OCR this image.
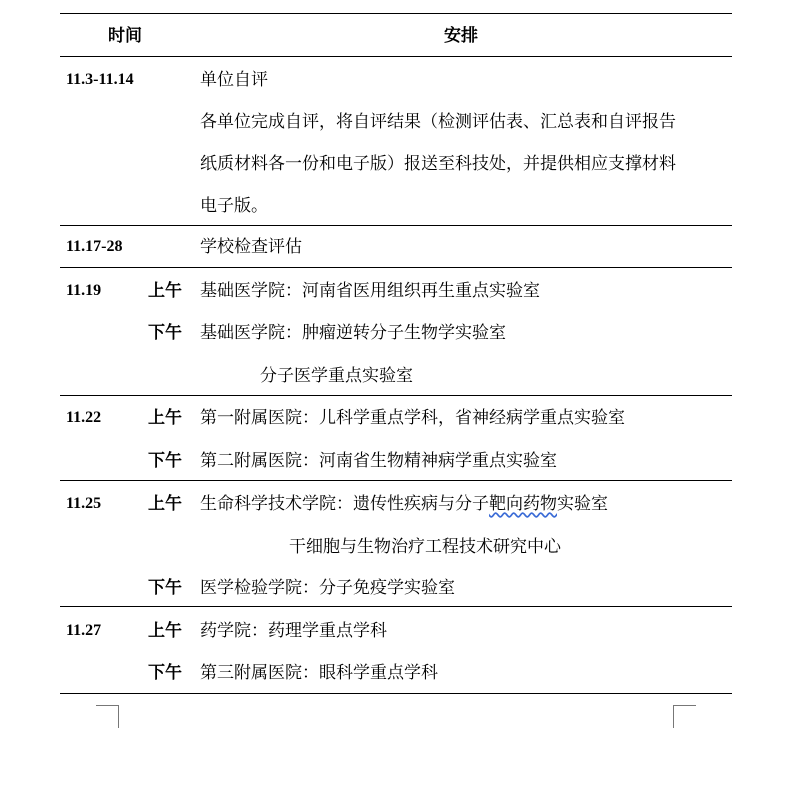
时间	安排
11.3-11.14	单位自评
各单位完成自评，将自评结果（检测评估表、汇总表和自评报告
纸质材料各一份和电子版）报送至科技处，并提供相应支撑材料
电子版。
11.17-28	学校检查评估
11.19	上午 基础医学院：河南省医用组织再生重点实验室
下午 基础医学院：肿瘤逆转分子生物学实验室
分子医学重点实验室
11.22	上午 第一附属医院：儿科学重点学科，省神经病学重点实验室
下午 第二附属医院：河南省生物精神病学重点实验室
11.25	上午 生命科学技术学院：遗传性疾病与分子靶向药物实验室
干细胞与生物治疗工程技术研究中心
下午 医学检验学院：分子免疫学实验室
11.27	上午 药学院：药理学重点学科
下午 第三附属医院：眼科学重点学科
